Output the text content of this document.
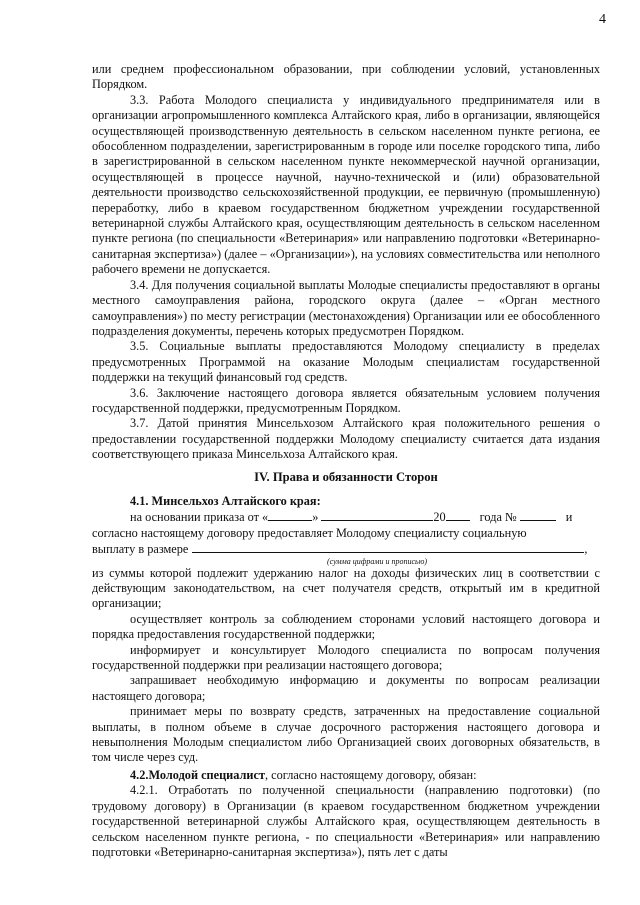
4

или среднем профессиональном образовании, при соблюдении условий, установленных Порядком.

3.3. Работа Молодого специалиста у индивидуального предпринимателя или в организации агропромышленного комплекса Алтайского края, либо в организации, являющейся осуществляющей производственную деятельность в сельском населенном пункте региона, ее обособленном подразделении, зарегистрированным в городе или поселке городского типа, либо в зарегистрированной в сельском населенном пункте некоммерческой научной организации, осуществляющей в процессе научной, научно-технической и (или) образовательной деятельности производство сельскохозяйственной продукции, ее первичную (промышленную) переработку, либо в краевом государственном бюджетном учреждении государственной ветеринарной службы Алтайского края, осуществляющим деятельность в сельском населенном пункте региона (по специальности «Ветеринария» или направлению подготовки «Ветеринарно-санитарная экспертиза») (далее – «Организации»), на условиях совместительства или неполного рабочего времени не допускается.

3.4. Для получения социальной выплаты Молодые специалисты предоставляют в органы местного самоуправления района, городского округа (далее – «Орган местного самоуправления») по месту регистрации (местонахождения) Организации или ее обособленного подразделения документы, перечень которых предусмотрен Порядком.

3.5. Социальные выплаты предоставляются Молодому специалисту в пределах предусмотренных Программой на оказание Молодым специалистам государственной поддержки на текущий финансовый год средств.

3.6. Заключение настоящего договора является обязательным условием получения государственной поддержки, предусмотренным Порядком.

3.7. Датой принятия Минсельхозом Алтайского края положительного решения о предоставлении государственной поддержки Молодому специалисту считается дата издания соответствующего приказа Минсельхоза Алтайского края.

IV. Права и обязанности Сторон

4.1. Минсельхоз Алтайского края:

на основании приказа от «	»	20	года №	и
согласно настоящему договору предоставляет Молодому специалисту социальную
выплату в размере	,
(сумма цифрами и прописью)

из суммы которой подлежит удержанию налог на доходы физических лиц в соответствии с действующим законодательством, на счет получателя средств, открытый им в кредитной организации;

осуществляет контроль за соблюдением сторонами условий настоящего договора и порядка предоставления государственной поддержки;

информирует и консультирует Молодого специалиста по вопросам получения государственной поддержки при реализации настоящего договора;

запрашивает необходимую информацию и документы по вопросам реализации настоящего договора;

принимает меры по возврату средств, затраченных на предоставление социальной выплаты, в полном объеме в случае досрочного расторжения настоящего договора и невыполнения Молодым специалистом либо Организацией своих договорных обязательств, в том числе через суд.

4.2.Молодой специалист, согласно настоящему договору, обязан:

4.2.1. Отработать по полученной специальности (направлению подготовки) (по трудовому договору) в Организации (в краевом государственном бюджетном учреждении государственной ветеринарной службы Алтайского края, осуществляющем деятельность в сельском населенном пункте региона, - по специальности «Ветеринария» или направлению подготовки «Ветеринарно-санитарная экспертиза»), пять лет с даты
